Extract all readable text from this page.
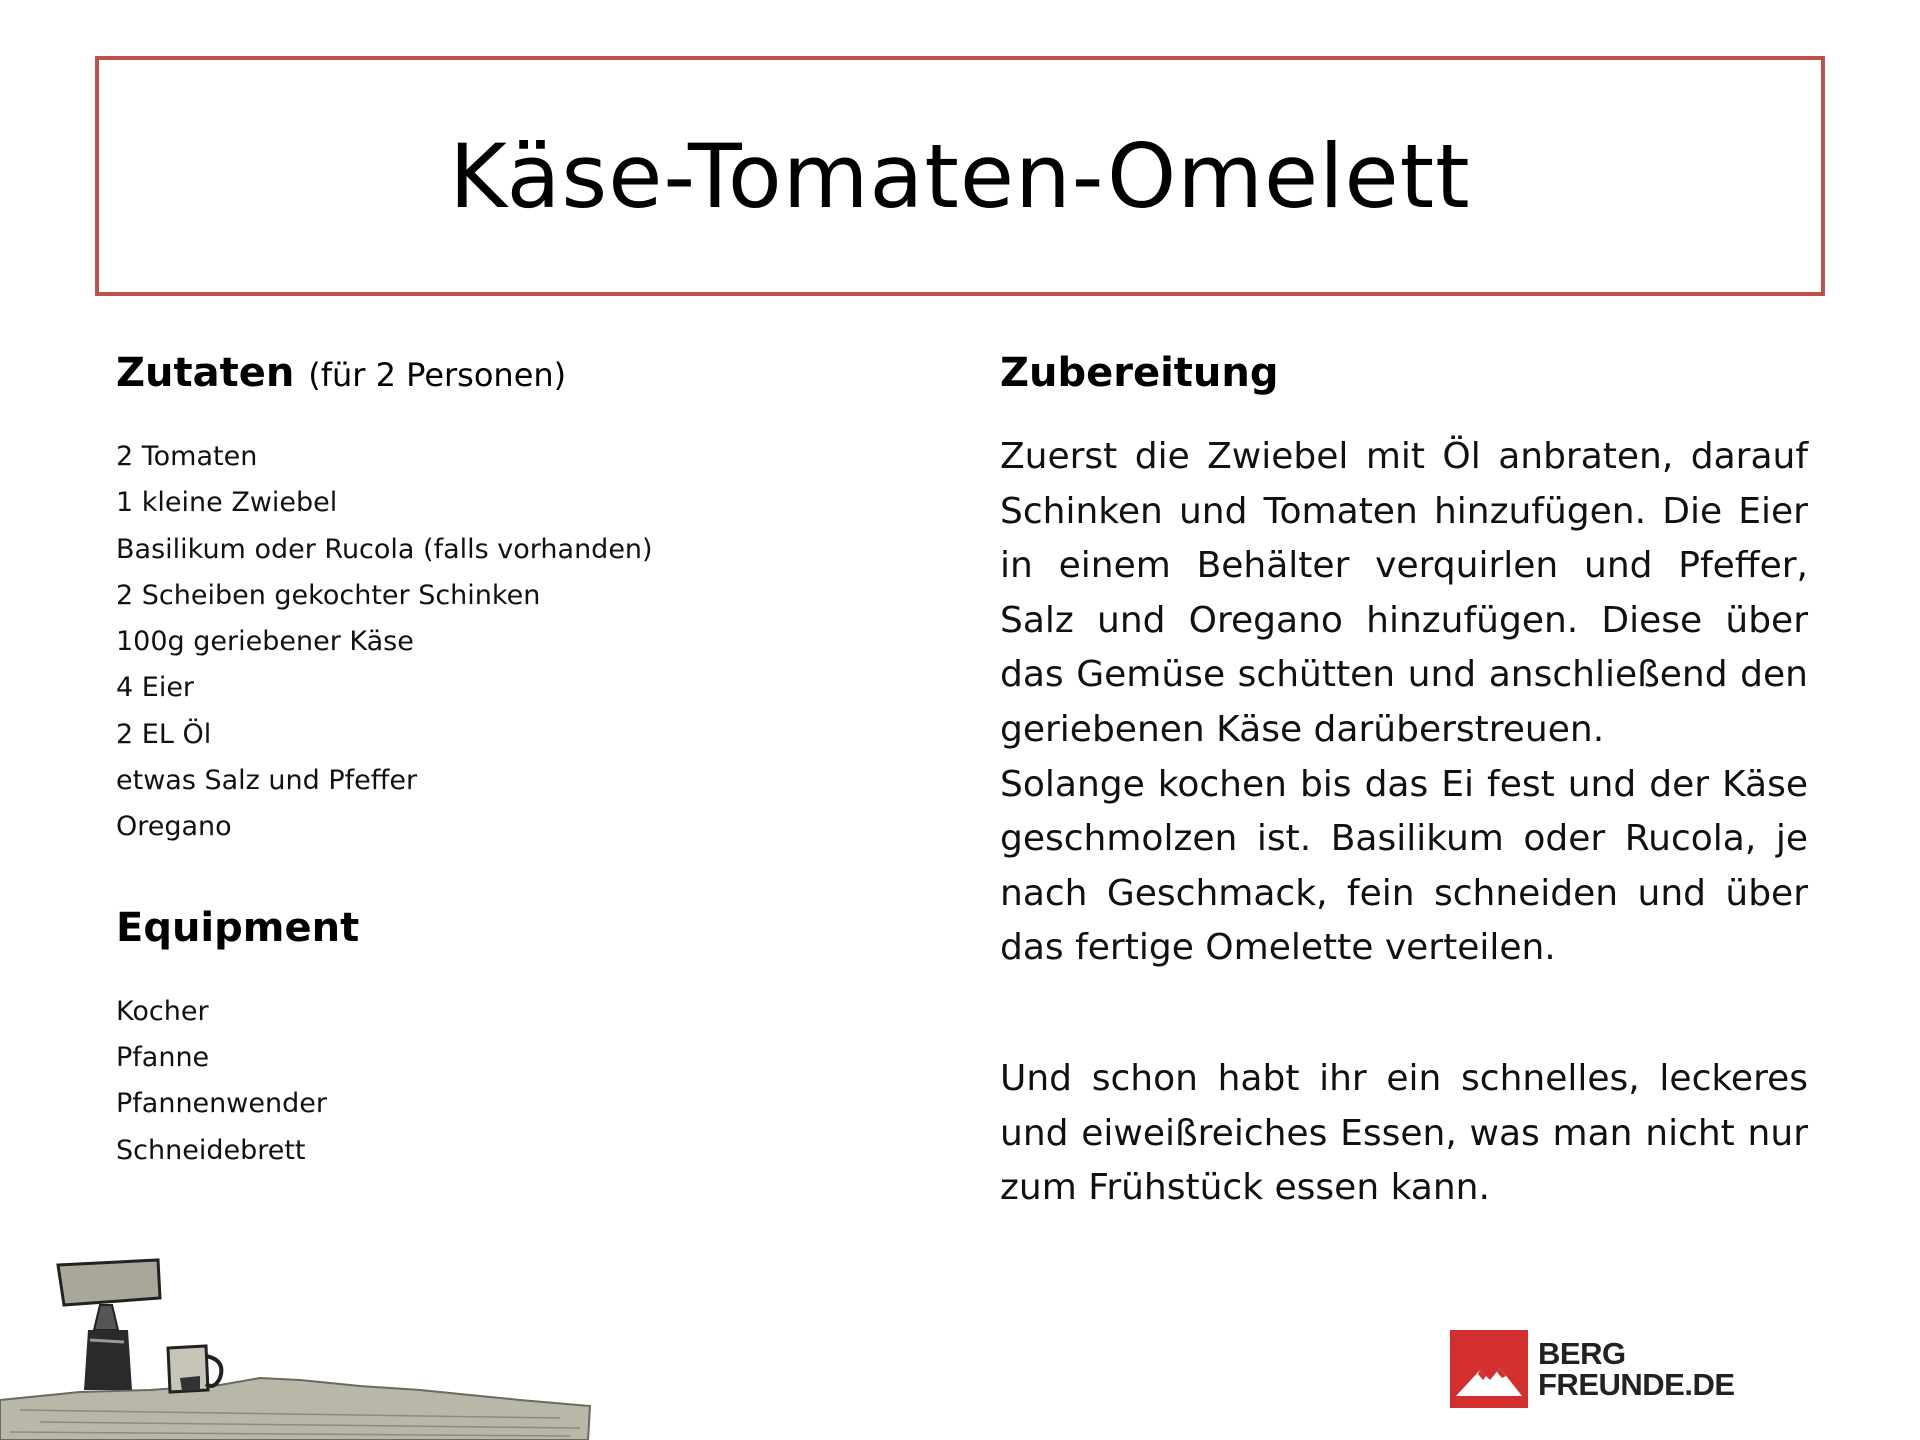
Käse-Tomaten-Omelett
Zutaten (für 2 Personen)
2 Tomaten
1 kleine Zwiebel
Basilikum oder Rucola (falls vorhanden)
2 Scheiben gekochter Schinken
100g geriebener Käse
4 Eier
2 EL Öl
etwas Salz und Pfeffer
Oregano
Equipment
Kocher
Pfanne
Pfannenwender
Schneidebrett
Zubereitung

Zuerst die Zwiebel mit Öl anbraten, darauf Schinken und Tomaten hinzufügen. Die Eier in einem Behälter verquirlen und Pfeffer, Salz und Oregano hinzufügen. Diese über das Gemüse schütten und anschließend den geriebenen Käse darüberstreuen.

Solange kochen bis das Ei fest und der Käse geschmolzen ist. Basilikum oder Rucola, je nach Geschmack, fein schneiden und über das fertige Omelette verteilen.

Und schon habt ihr ein schnelles, leckeres und eiweißreiches Essen, was man nicht nur zum Frühstück essen kann.

BERG
FREUNDE.DE
